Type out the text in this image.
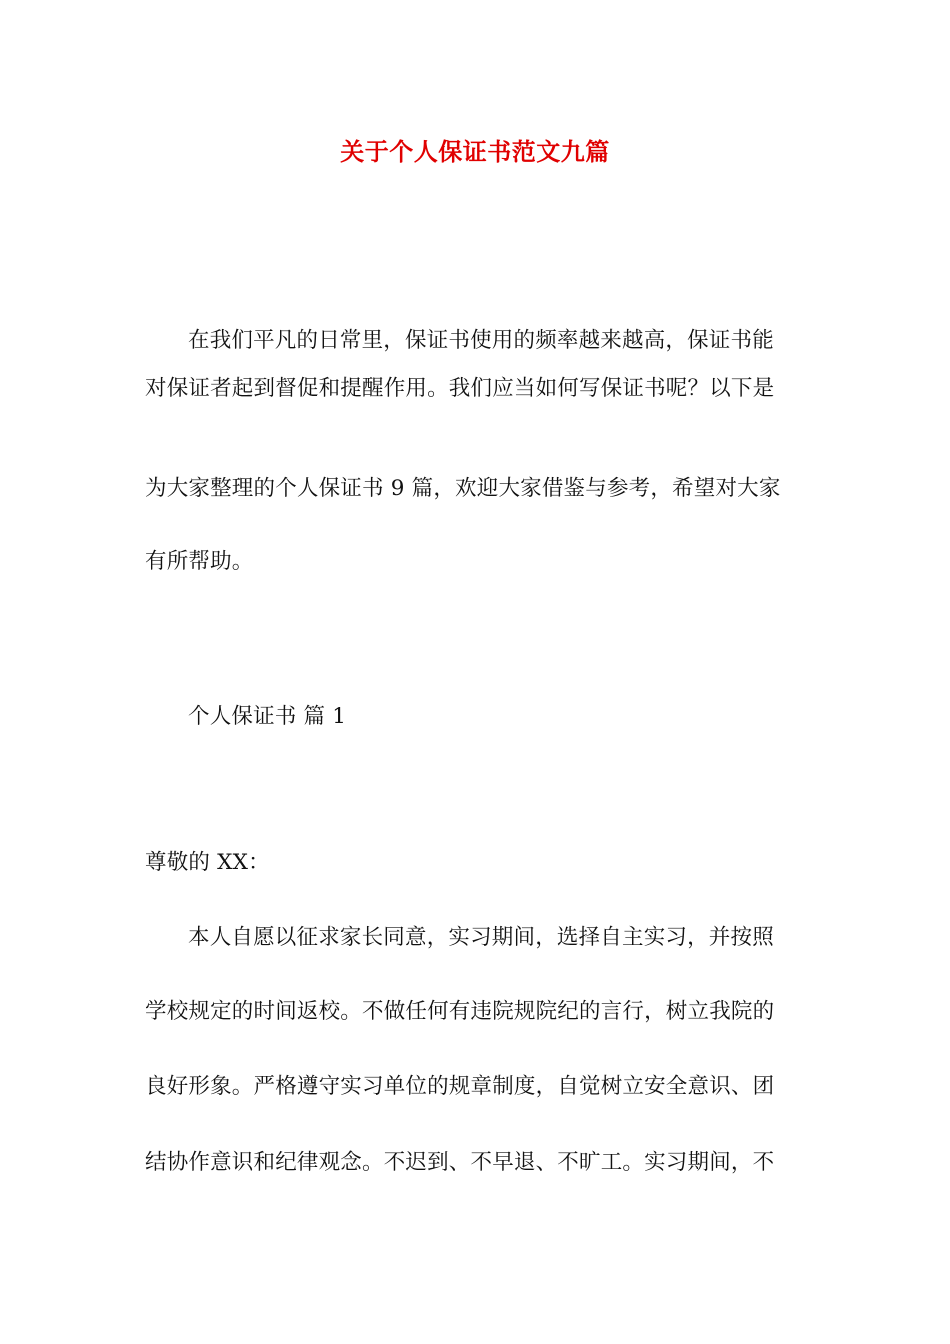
关于个人保证书范文九篇
在我们平凡的日常里，保证书使用的频率越来越高，保证书能
对保证者起到督促和提醒作用。我们应当如何写保证书呢？以下是
为大家整理的个人保证书 9 篇，欢迎大家借鉴与参考，希望对大家
有所帮助。
个人保证书 篇 1
尊敬的 XX：
本人自愿以征求家长同意，实习期间，选择自主实习，并按照
学校规定的时间返校。不做任何有违院规院纪的言行，树立我院的
良好形象。严格遵守实习单位的规章制度，自觉树立安全意识、团
结协作意识和纪律观念。不迟到、不早退、不旷工。实习期间，不
